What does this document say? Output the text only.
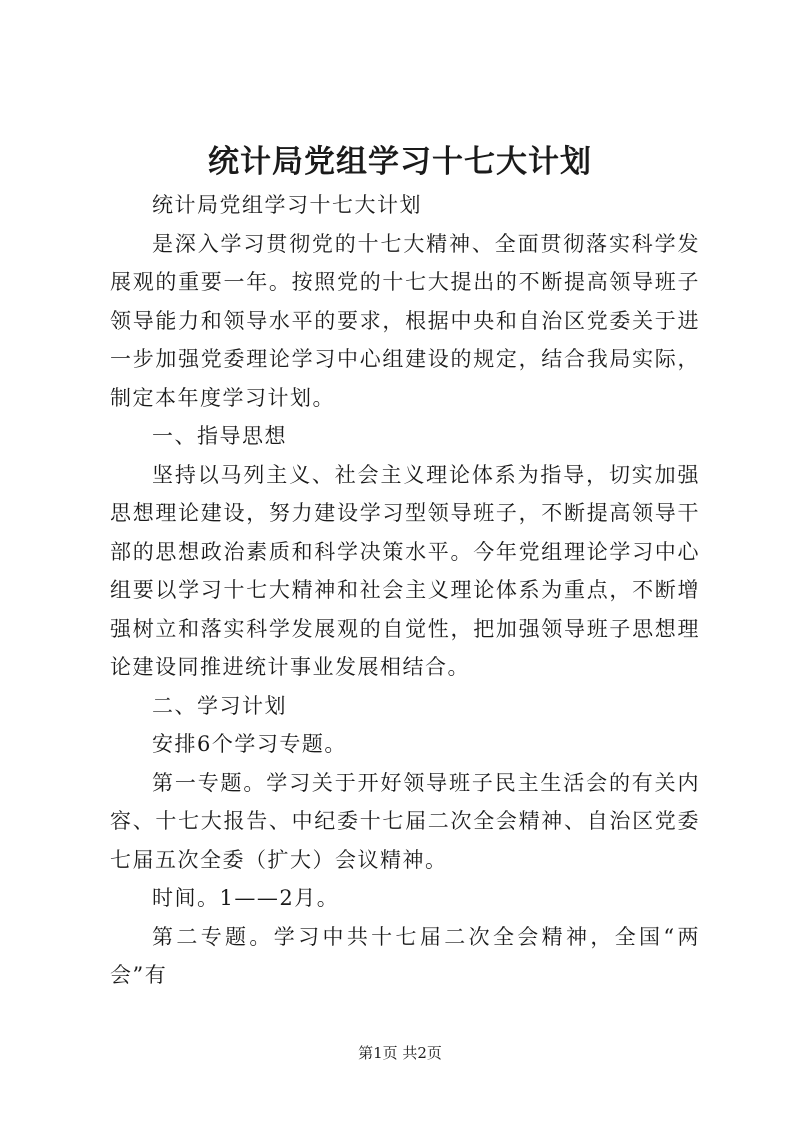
统计局党组学习十七大计划

统计局党组学习十七大计划

是深入学习贯彻党的十七大精神、全面贯彻落实科学发展观的重要一年。按照党的十七大提出的不断提高领导班子领导能力和领导水平的要求，根据中央和自治区党委关于进一步加强党委理论学习中心组建设的规定，结合我局实际，制定本年度学习计划。

一、指导思想

坚持以马列主义、社会主义理论体系为指导，切实加强思想理论建设，努力建设学习型领导班子，不断提高领导干部的思想政治素质和科学决策水平。今年党组理论学习中心组要以学习十七大精神和社会主义理论体系为重点，不断增强树立和落实科学发展观的自觉性，把加强领导班子思想理论建设同推进统计事业发展相结合。

二、学习计划

安排6个学习专题。

第一专题。学习关于开好领导班子民主生活会的有关内容、十七大报告、中纪委十七届二次全会精神、自治区党委七届五次全委（扩大）会议精神。

时间。1——2月。

第二专题。学习中共十七届二次全会精神，全国“两会”有

第1页 共2页
